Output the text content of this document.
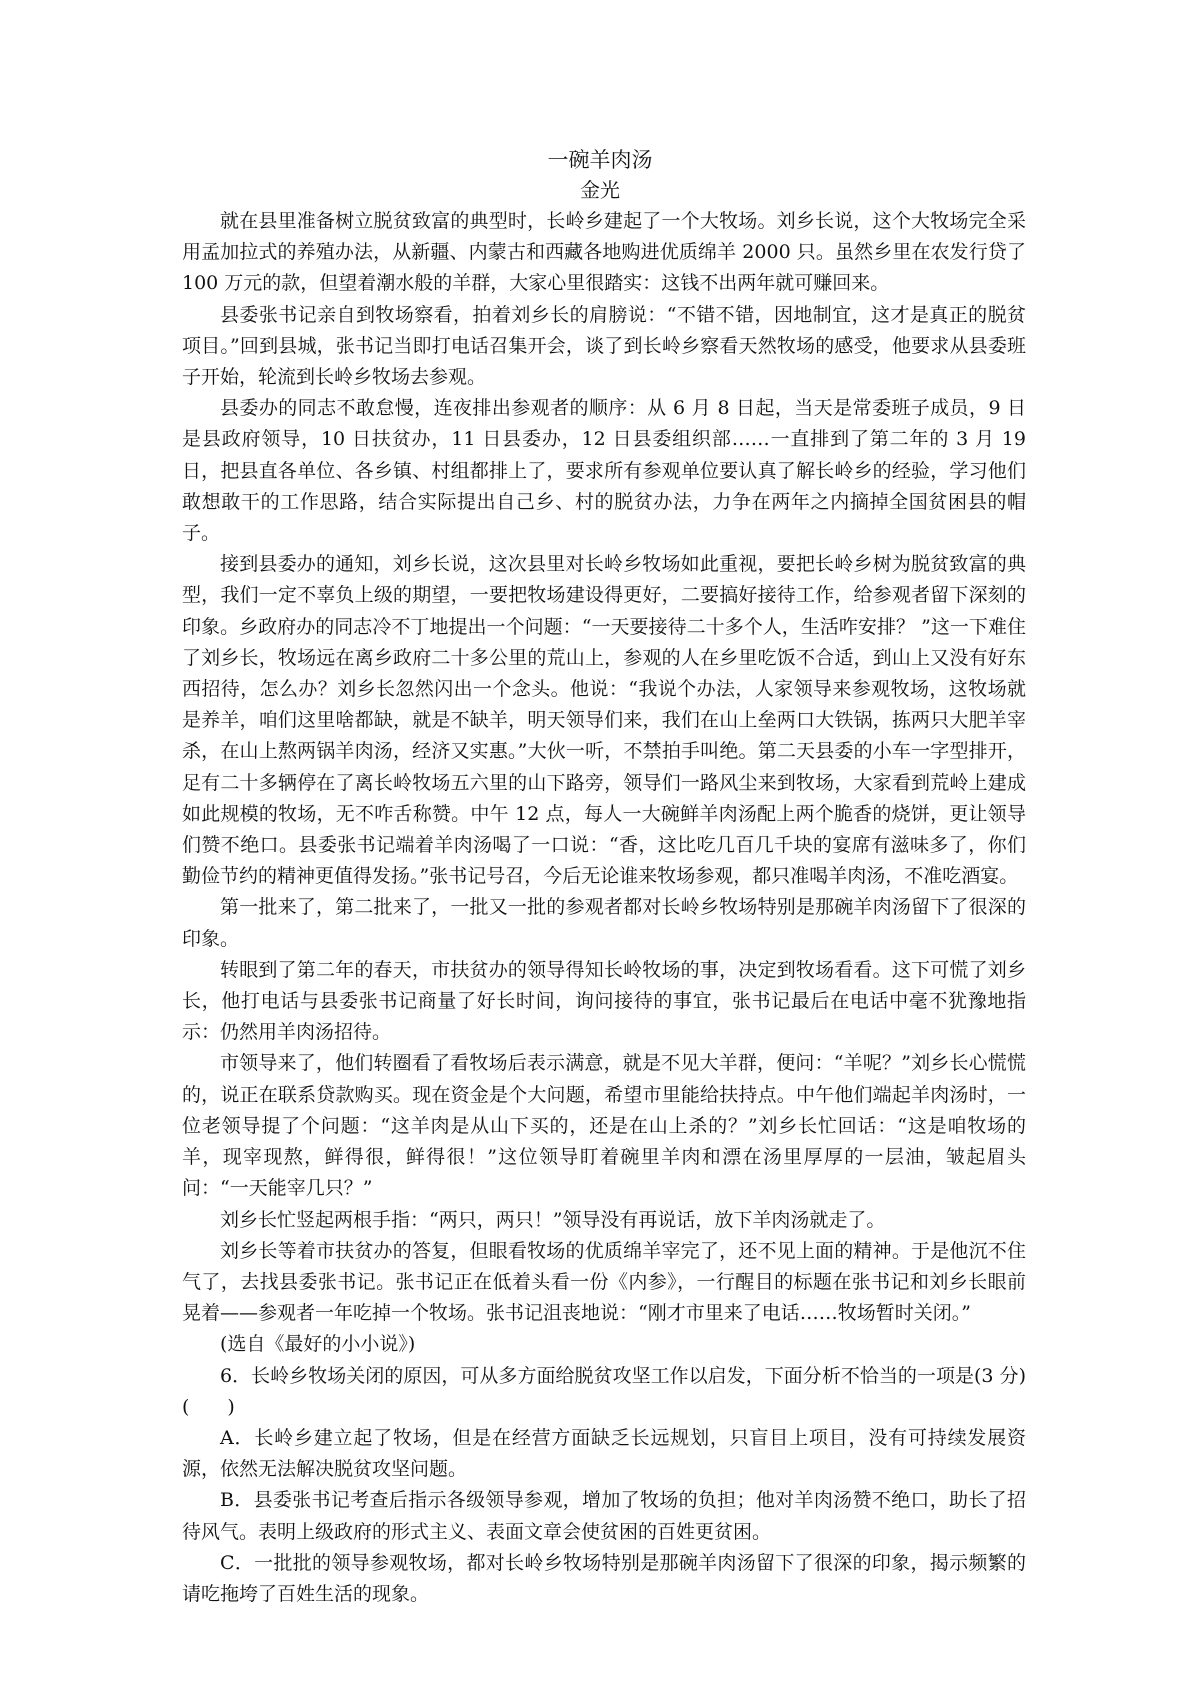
一碗羊肉汤
金光

就在县里准备树立脱贫致富的典型时，长岭乡建起了一个大牧场。刘乡长说，这个大牧场完全采用孟加拉式的养殖办法，从新疆、内蒙古和西藏各地购进优质绵羊 2000 只。虽然乡里在农发行贷了 100 万元的款，但望着潮水般的羊群，大家心里很踏实：这钱不出两年就可赚回来。

县委张书记亲自到牧场察看，拍着刘乡长的肩膀说：“不错不错，因地制宜，这才是真正的脱贫项目。”回到县城，张书记当即打电话召集开会，谈了到长岭乡察看天然牧场的感受，他要求从县委班子开始，轮流到长岭乡牧场去参观。

县委办的同志不敢怠慢，连夜排出参观者的顺序：从 6 月 8 日起，当天是常委班子成员，9 日是县政府领导，10 日扶贫办，11 日县委办，12 日县委组织部……一直排到了第二年的 3 月 19 日，把县直各单位、各乡镇、村组都排上了，要求所有参观单位要认真了解长岭乡的经验，学习他们敢想敢干的工作思路，结合实际提出自己乡、村的脱贫办法，力争在两年之内摘掉全国贫困县的帽子。

接到县委办的通知，刘乡长说，这次县里对长岭乡牧场如此重视，要把长岭乡树为脱贫致富的典型，我们一定不辜负上级的期望，一要把牧场建设得更好，二要搞好接待工作，给参观者留下深刻的印象。乡政府办的同志冷不丁地提出一个问题：“一天要接待二十多个人，生活咋安排？ ”这一下难住了刘乡长，牧场远在离乡政府二十多公里的荒山上，参观的人在乡里吃饭不合适，到山上又没有好东西招待，怎么办？刘乡长忽然闪出一个念头。他说：“我说个办法，人家领导来参观牧场，这牧场就是养羊，咱们这里啥都缺，就是不缺羊，明天领导们来，我们在山上垒两口大铁锅，拣两只大肥羊宰杀，在山上熬两锅羊肉汤，经济又实惠。”大伙一听，不禁拍手叫绝。第二天县委的小车一字型排开，足有二十多辆停在了离长岭牧场五六里的山下路旁，领导们一路风尘来到牧场，大家看到荒岭上建成如此规模的牧场，无不咋舌称赞。中午 12 点，每人一大碗鲜羊肉汤配上两个脆香的烧饼，更让领导们赞不绝口。县委张书记端着羊肉汤喝了一口说：“香，这比吃几百几千块的宴席有滋味多了，你们勤俭节约的精神更值得发扬。”张书记号召，今后无论谁来牧场参观，都只准喝羊肉汤，不准吃酒宴。

第一批来了，第二批来了，一批又一批的参观者都对长岭乡牧场特别是那碗羊肉汤留下了很深的印象。

转眼到了第二年的春天，市扶贫办的领导得知长岭牧场的事，决定到牧场看看。这下可慌了刘乡长，他打电话与县委张书记商量了好长时间，询问接待的事宜，张书记最后在电话中毫不犹豫地指示：仍然用羊肉汤招待。

市领导来了，他们转圈看了看牧场后表示满意，就是不见大羊群，便问：“羊呢？”刘乡长心慌慌的，说正在联系贷款购买。现在资金是个大问题，希望市里能给扶持点。中午他们端起羊肉汤时，一位老领导提了个问题：“这羊肉是从山下买的，还是在山上杀的？”刘乡长忙回话：“这是咱牧场的羊，现宰现熬，鲜得很，鲜得很！”这位领导盯着碗里羊肉和漂在汤里厚厚的一层油，皱起眉头问：“一天能宰几只？”

刘乡长忙竖起两根手指：“两只，两只！”领导没有再说话，放下羊肉汤就走了。

刘乡长等着市扶贫办的答复，但眼看牧场的优质绵羊宰完了，还不见上面的精神。于是他沉不住气了，去找县委张书记。张书记正在低着头看一份《内参》，一行醒目的标题在张书记和刘乡长眼前晃着——参观者一年吃掉一个牧场。张书记沮丧地说：“刚才市里来了电话……牧场暂时关闭。”

(选自《最好的小小说》)

6．长岭乡牧场关闭的原因，可从多方面给脱贫攻坚工作以启发，下面分析不恰当的一项是(3 分)(　　)

A．长岭乡建立起了牧场，但是在经营方面缺乏长远规划，只盲目上项目，没有可持续发展资源，依然无法解决脱贫攻坚问题。

B．县委张书记考查后指示各级领导参观，增加了牧场的负担；他对羊肉汤赞不绝口，助长了招待风气。表明上级政府的形式主义、表面文章会使贫困的百姓更贫困。

C．一批批的领导参观牧场，都对长岭乡牧场特别是那碗羊肉汤留下了很深的印象，揭示频繁的请吃拖垮了百姓生活的现象。
